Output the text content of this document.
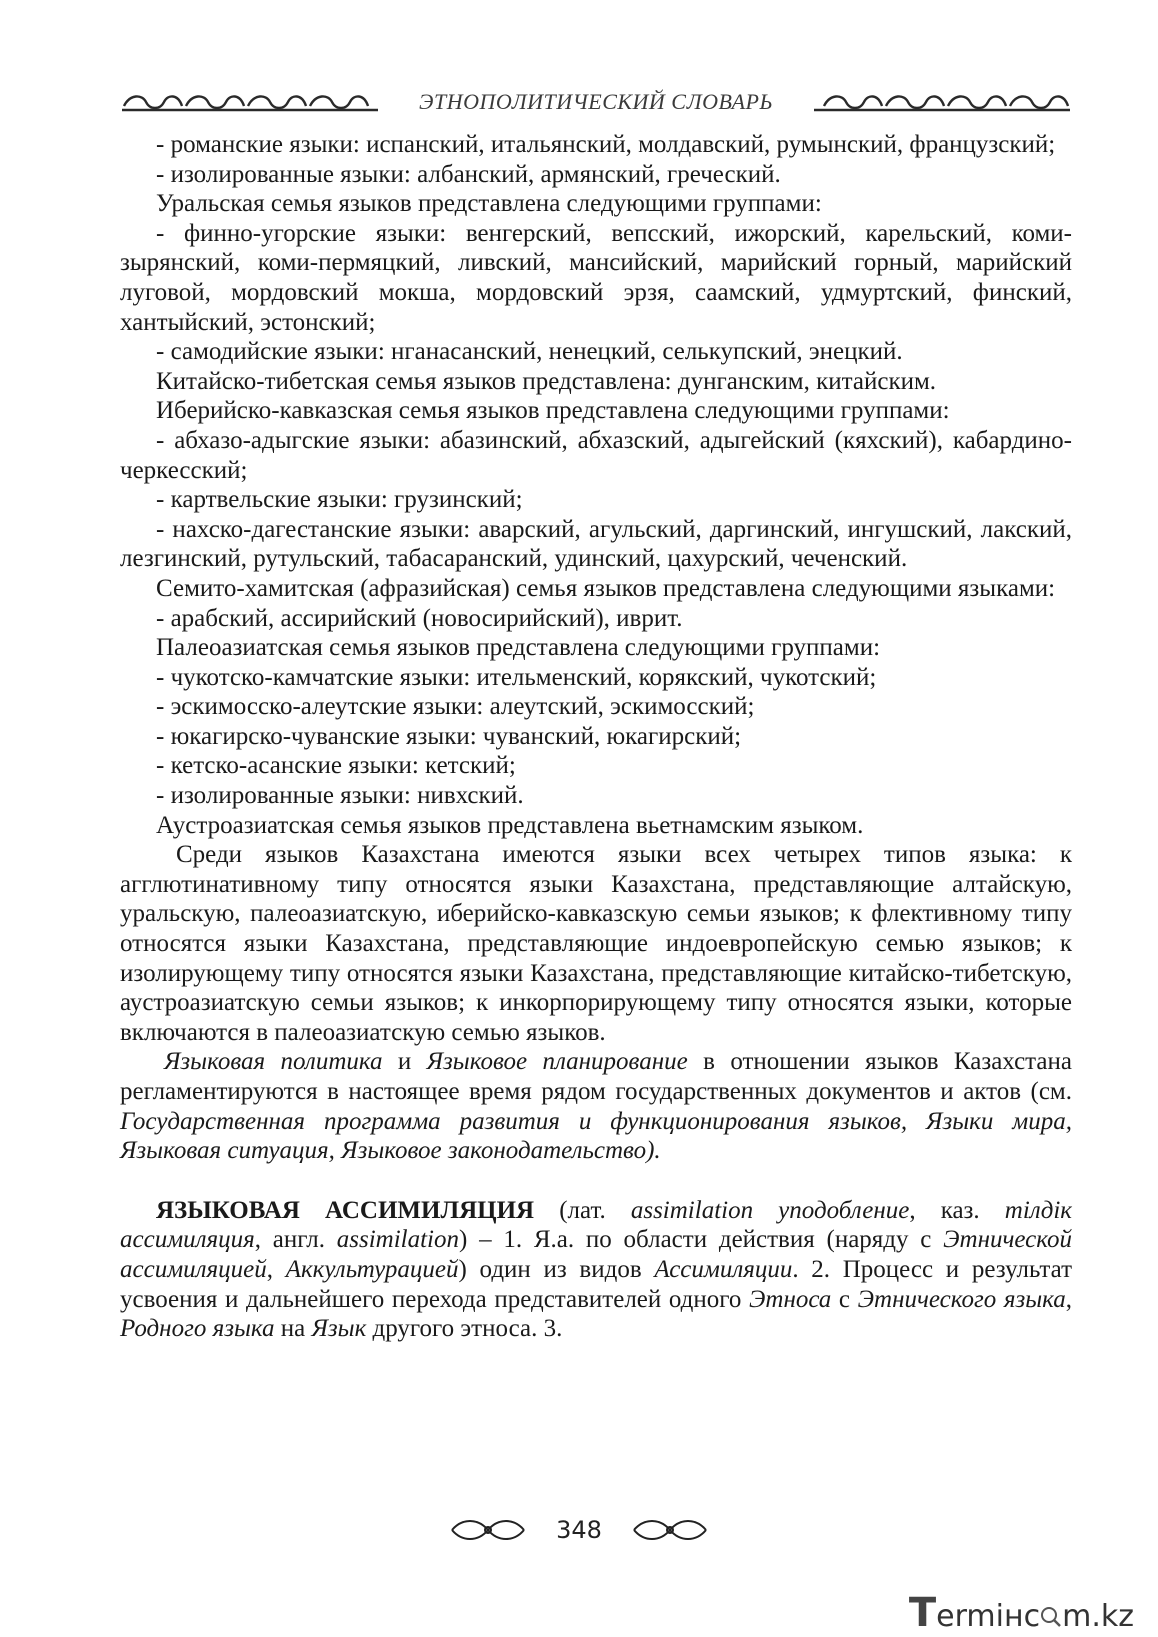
ЭТНОПОЛИТИЧЕСКИЙ СЛОВАРЬ

- романские языки: испанский, итальянский, молдавский, румынский, французский;

- изолированные языки: албанский, армянский, греческий.

Уральская семья языков представлена следующими группами:

- финно-угорские языки: венгерский, вепсский, ижорский, карельский, коми-зырянский, коми-пермяцкий, ливский, мансийский, марийский горный, марийский луговой, мордовский мокша, мордовский эрзя, саамский, удмуртский, финский, хантыйский, эстонский;

- самодийские языки: нганасанский, ненецкий, селькупский, энецкий.

Китайско-тибетская семья языков представлена: дунганским, китайским.

Иберийско-кавказская семья языков представлена следующими группами:

- абхазо-адыгские языки: абазинский, абхазский, адыгейский (кяхский), кабардино-черкесский;

- картвельские языки: грузинский;

- нахско-дагестанские языки: аварский, агульский, даргинский, ингушский, лакский, лезгинский, рутульский, табасаранский, удинский, цахурский, чеченский.

Семито-хамитская (афразийская) семья языков представлена следующими языками:

- арабский, ассирийский (новосирийский), иврит.

Палеоазиатская семья языков представлена следующими группами:

- чукотско-камчатские языки: ительменский, корякский, чукотский;

- эскимосско-алеутские языки: алеутский, эскимосский;

- юкагирско-чуванские языки: чуванский, юкагирский;

- кетско-асанские языки: кетский;

- изолированные языки: нивхский.

Аустроазиатская семья языков представлена вьетнамским языком.

Среди языков Казахстана имеются языки всех четырех типов языка: к агглютинативному типу относятся языки Казахстана, представляющие алтайскую, уральскую, палеоазиатскую, иберийско-кавказскую семьи языков; к флективному типу относятся языки Казахстана, представляющие индоевропейскую семью языков; к изолирующему типу относятся языки Казахстана, представляющие китайско-тибетскую, аустроазиатскую семьи языков; к инкорпорирующему типу относятся языки, которые включаются в палеоазиатскую семью языков.

Языковая политика и Языковое планирование в отношении языков Казахстана регламентируются в настоящее время рядом государственных документов и актов (см. Государственная программа развития и функционирования языков, Языки мира, Языковая ситуация, Языковое законодательство).

ЯЗЫКОВАЯ АССИМИЛЯЦИЯ (лат. assimilation уподобление, каз. тілдік ассимиляция, англ. assimilation) – 1. Я.а. по области действия (наряду с Этнической ассимиляцией, Аккультурацией) один из видов Ассимиляции. 2. Процесс и результат усвоения и дальнейшего перехода представителей одного Этноса с Этнического языка, Родного языка на Язык другого этноса. 3.

348
Termінc m.kz
